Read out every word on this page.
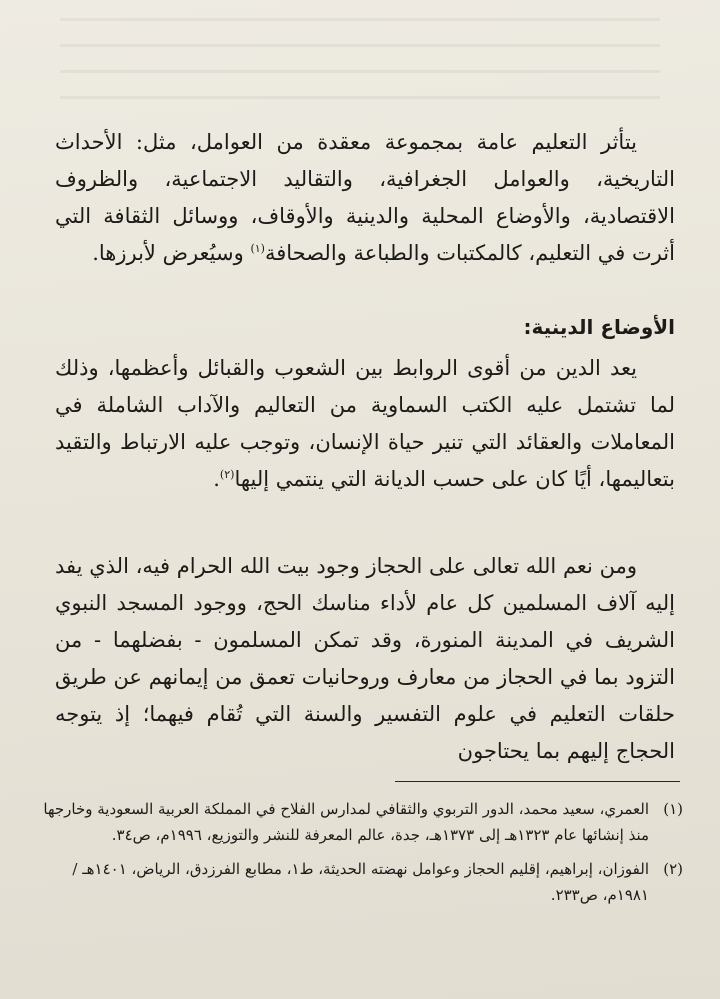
يتأثر التعليم عامة بمجموعة معقدة من العوامل، مثل: الأحداث التاريخية، والعوامل الجغرافية، والتقاليد الاجتماعية، والظروف الاقتصادية، والأوضاع المحلية والدينية والأوقاف، ووسائل الثقافة التي أثرت في التعليم، كالمكتبات والطباعة والصحافة$^{(١)}$ وسيُعرض لأبرزها.

الأوضاع الدينية:

يعد الدين من أقوى الروابط بين الشعوب والقبائل وأعظمها، وذلك لما تشتمل عليه الكتب السماوية من التعاليم والآداب الشاملة في المعاملات والعقائد التي تنير حياة الإنسان، وتوجب عليه الارتباط والتقيد بتعاليمها، أيًا كان على حسب الديانة التي ينتمي إليها$^{(٢)}$.

ومن نعم الله تعالى على الحجاز وجود بيت الله الحرام فيه، الذي يفد إليه آلاف المسلمين كل عام لأداء مناسك الحج، ووجود المسجد النبوي الشريف في المدينة المنورة، وقد تمكن المسلمون - بفضلهما - من التزود بما في الحجاز من معارف وروحانيات تعمق من إيمانهم عن طريق حلقات التعليم في علوم التفسير والسنة التي تُقام فيهما؛ إذ يتوجه الحجاج إليهم بما يحتاجون

(١)
العمري، سعيد محمد، الدور التربوي والثقافي لمدارس الفلاح في المملكة العربية السعودية وخارجها منذ إنشائها عام ١٣٢٣هـ إلى ١٣٧٣هـ، جدة، عالم المعرفة للنشر والتوزيع، ١٩٩٦م، ص٣٤.
(٢)
الفوزان، إبراهيم، إقليم الحجاز وعوامل نهضته الحديثة، ط١، مطابع الفرزدق، الرياض، ١٤٠١هـ / ١٩٨١م، ص٢٣٣.
